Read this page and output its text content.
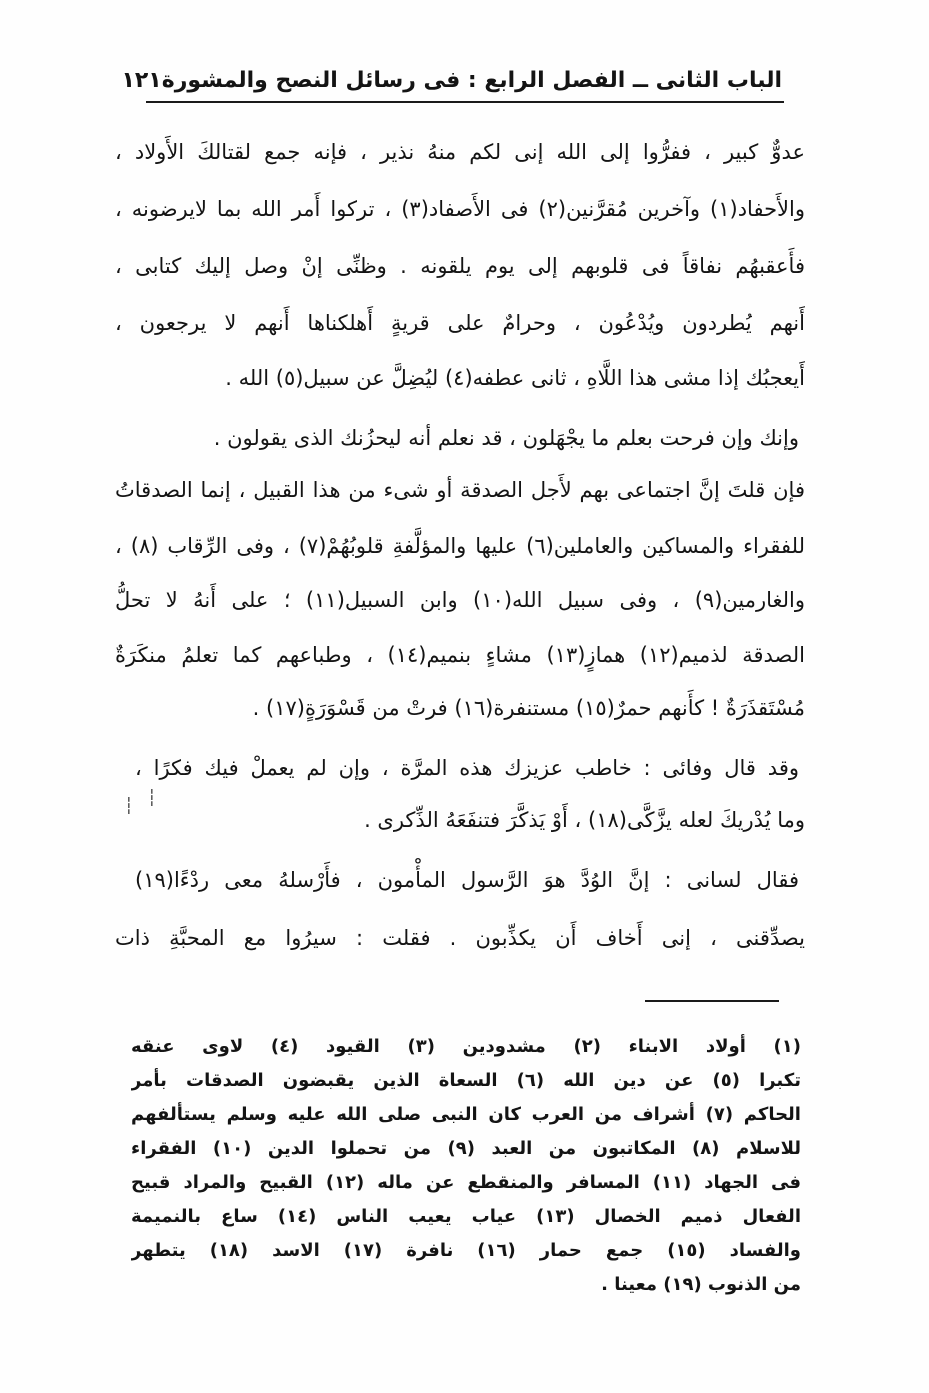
الباب الثانى ــ الفصل الرابع : فى رسائل النصح والمشورة
١٢١
عدوٌّ كبير ، ففرُّوا إلى الله إنى لكم منهُ نذير ، فإنه جمع لقتالكَ الأَولاد ،
والأَحفاد(١) وآخرين مُقرَّنين(٢) فى الأَصفاد(٣) ، تركوا أَمر الله بما لايرضونه ،
فأَعقبهُم نفاقاً فى قلوبهم إلى يوم يلقونه . وظنِّى إنْ وصل إليك كتابى ،
أَنهم يُطردون ويُدْعُون ، وحرامٌ على قريةٍ أَهلكناها أَنهم لا يرجعون ،
أَيعجبُك إذا مشى هذا اللَّاهِ ، ثانى عطفه(٤) ليُضِلَّ عن سبيل(٥) الله .
وإنك وإن فرحت بعلم ما يجْهَلون ، قد نعلم أنه ليحزُنك الذى يقولون .
فإن قلتَ إنَّ اجتماعى بهم لأَجل الصدقة أو شىء من هذا القبيل ، إنما الصدقاتُ
للفقراء والمساكين والعاملين(٦) عليها والمؤلَّفةِ قلوبُهُمْ(٧) ، وفى الرِّقاب (٨) ،
والغارمين(٩) ، وفى سبيل الله(١٠) وابن السبيل(١١) ؛ على أَنهُ لا تحلُّ
الصدقة لذميم(١٢) همازٍ(١٣) مشاءٍ بنميم(١٤) ، وطباعهم كما تعلمُ منكَرَةٌ
مُسْتَقذَرَةٌ ! كأَنهم حمرٌ(١٥) مستنفرة(١٦) فرتْ من قَسْوَرَةٍ(١٧) .
وقد قال وفائى : خاطب عزيزك هذه المرَّة ، وإن لم يعملْ فيك فكرًا ،
وما يُدْريكَ لعله يزَّكَّى(١٨) ، أَوْ يَذكَّرَ فتنفَعَهُ الذِّكرى .
┆
┆
فقال لسانى : إنَّ الوُدَّ هوَ الرَّسول المأْمون ، فأَرْسلهُ معى ردْءًا(١٩)
يصدِّقنى ، إنى أَخاف أَن يكذِّبون . فقلت : سيرُوا مع المحبَّةِ ذات
(١) أولاد الابناء (٢) مشدودين (٣) القيود (٤) لاوى عنقه
تكبرا (٥) عن دين الله (٦) السعاة الذين يقبضون الصدقات بأمر
الحاكم (٧) أشراف من العرب كان النبى صلى الله عليه وسلم يستألفهم
للاسلام (٨) المكاتبون من العبد (٩) من تحملوا الدين (١٠) الفقراء
فى الجهاد (١١) المسافر والمنقطع عن ماله (١٢) القبيح والمراد قبيح
الفعال ذميم الخصال (١٣) عياب يعيب الناس (١٤) ساع بالنميمة
والفساد (١٥) جمع حمار (١٦) نافرة (١٧) الاسد (١٨) يتطهر
من الذنوب (١٩) معينا .
